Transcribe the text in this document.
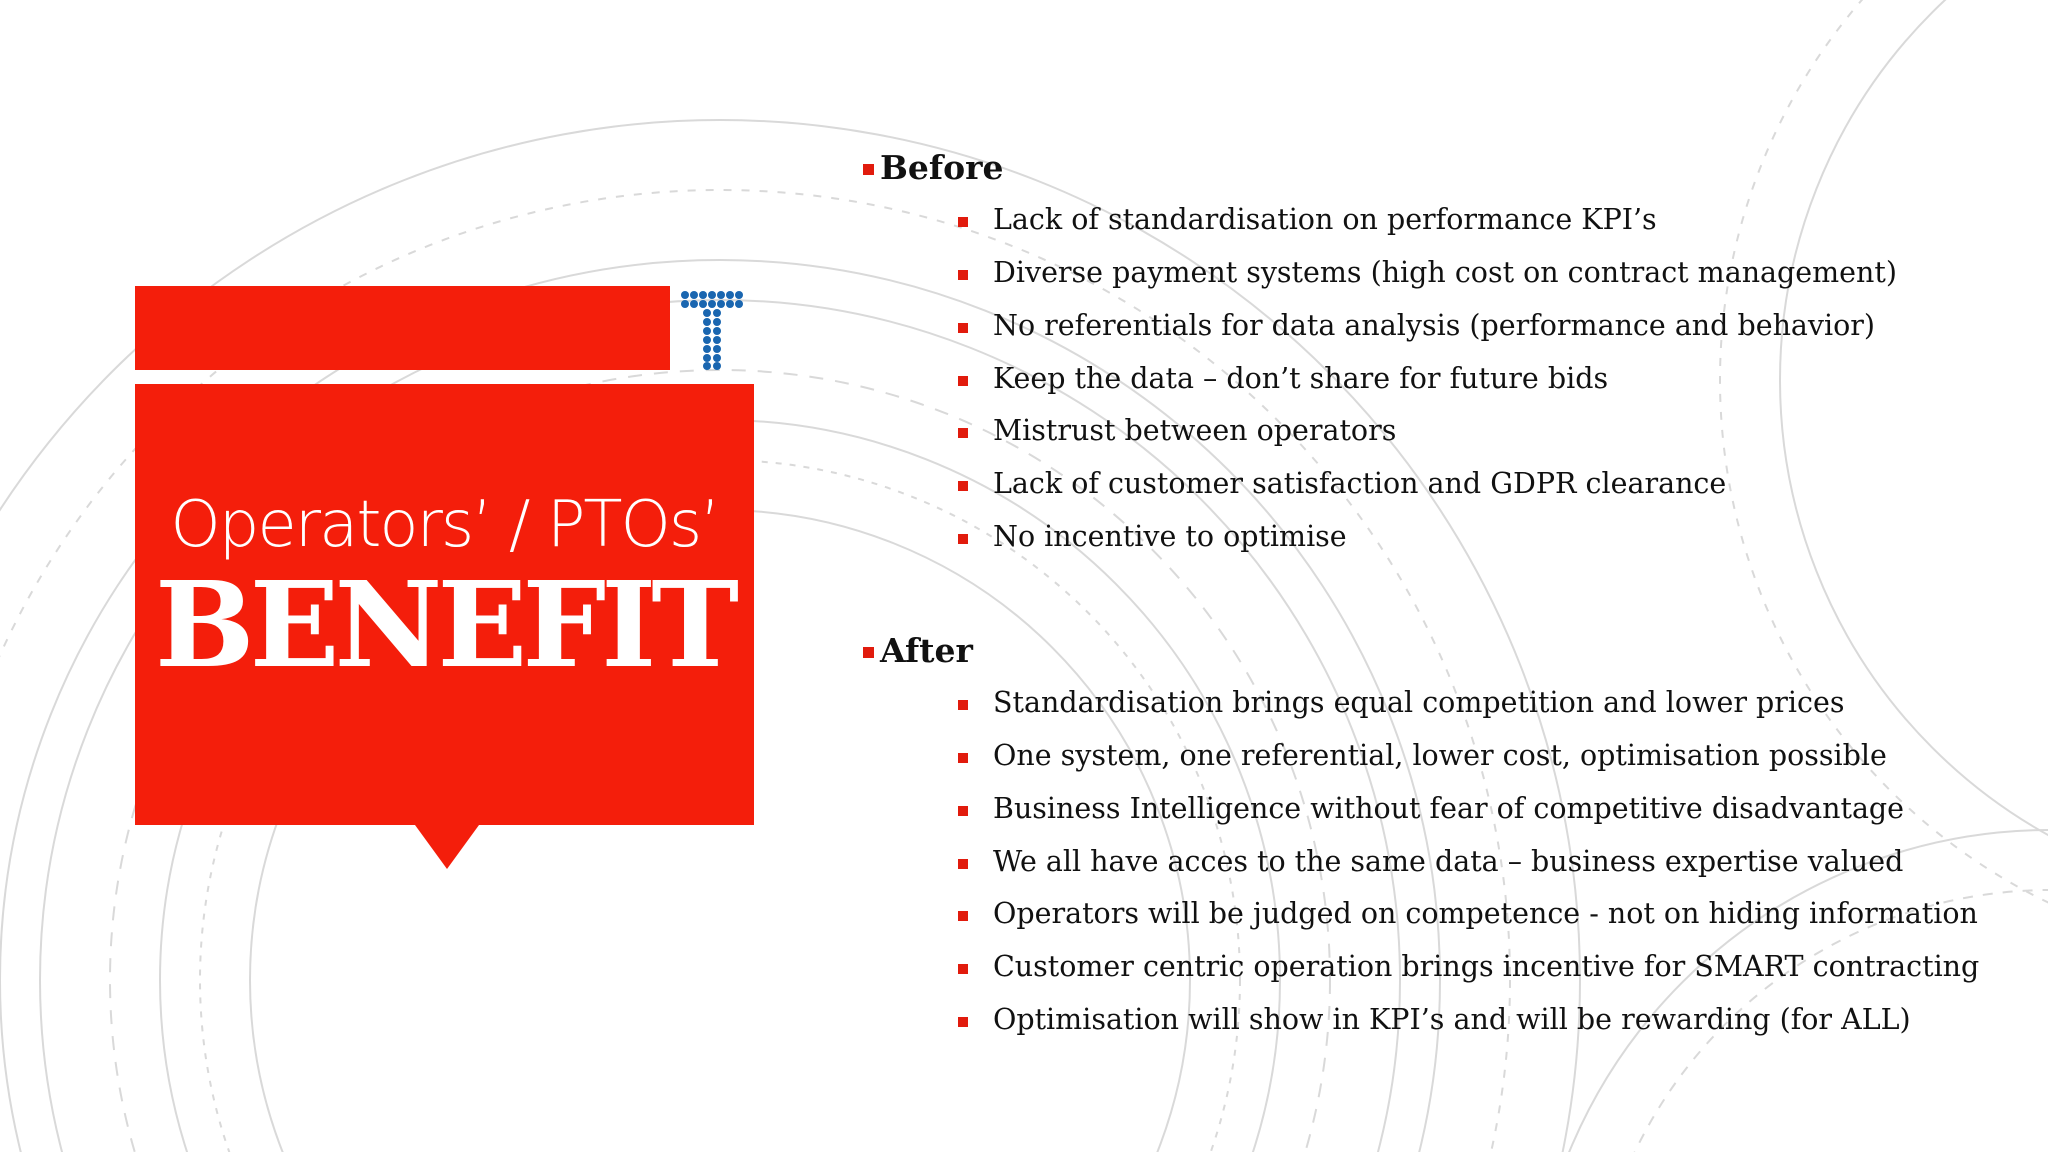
Operators’ / PTOs’
BENEFIT
Before
Lack of standardisation on performance KPI’s
Diverse payment systems (high cost on contract management)
No referentials for data analysis (performance and behavior)
Keep the data – don’t share for future bids
Mistrust between operators
Lack of customer satisfaction and GDPR clearance
No incentive to optimise
After
Standardisation brings equal competition and lower prices
One system, one referential, lower cost, optimisation possible
Business Intelligence without fear of competitive disadvantage
We all have acces to the same data – business expertise valued
Operators will be judged on competence - not on hiding information
Customer centric operation brings incentive for SMART contracting
Optimisation will show in KPI’s and will be rewarding (for ALL)
